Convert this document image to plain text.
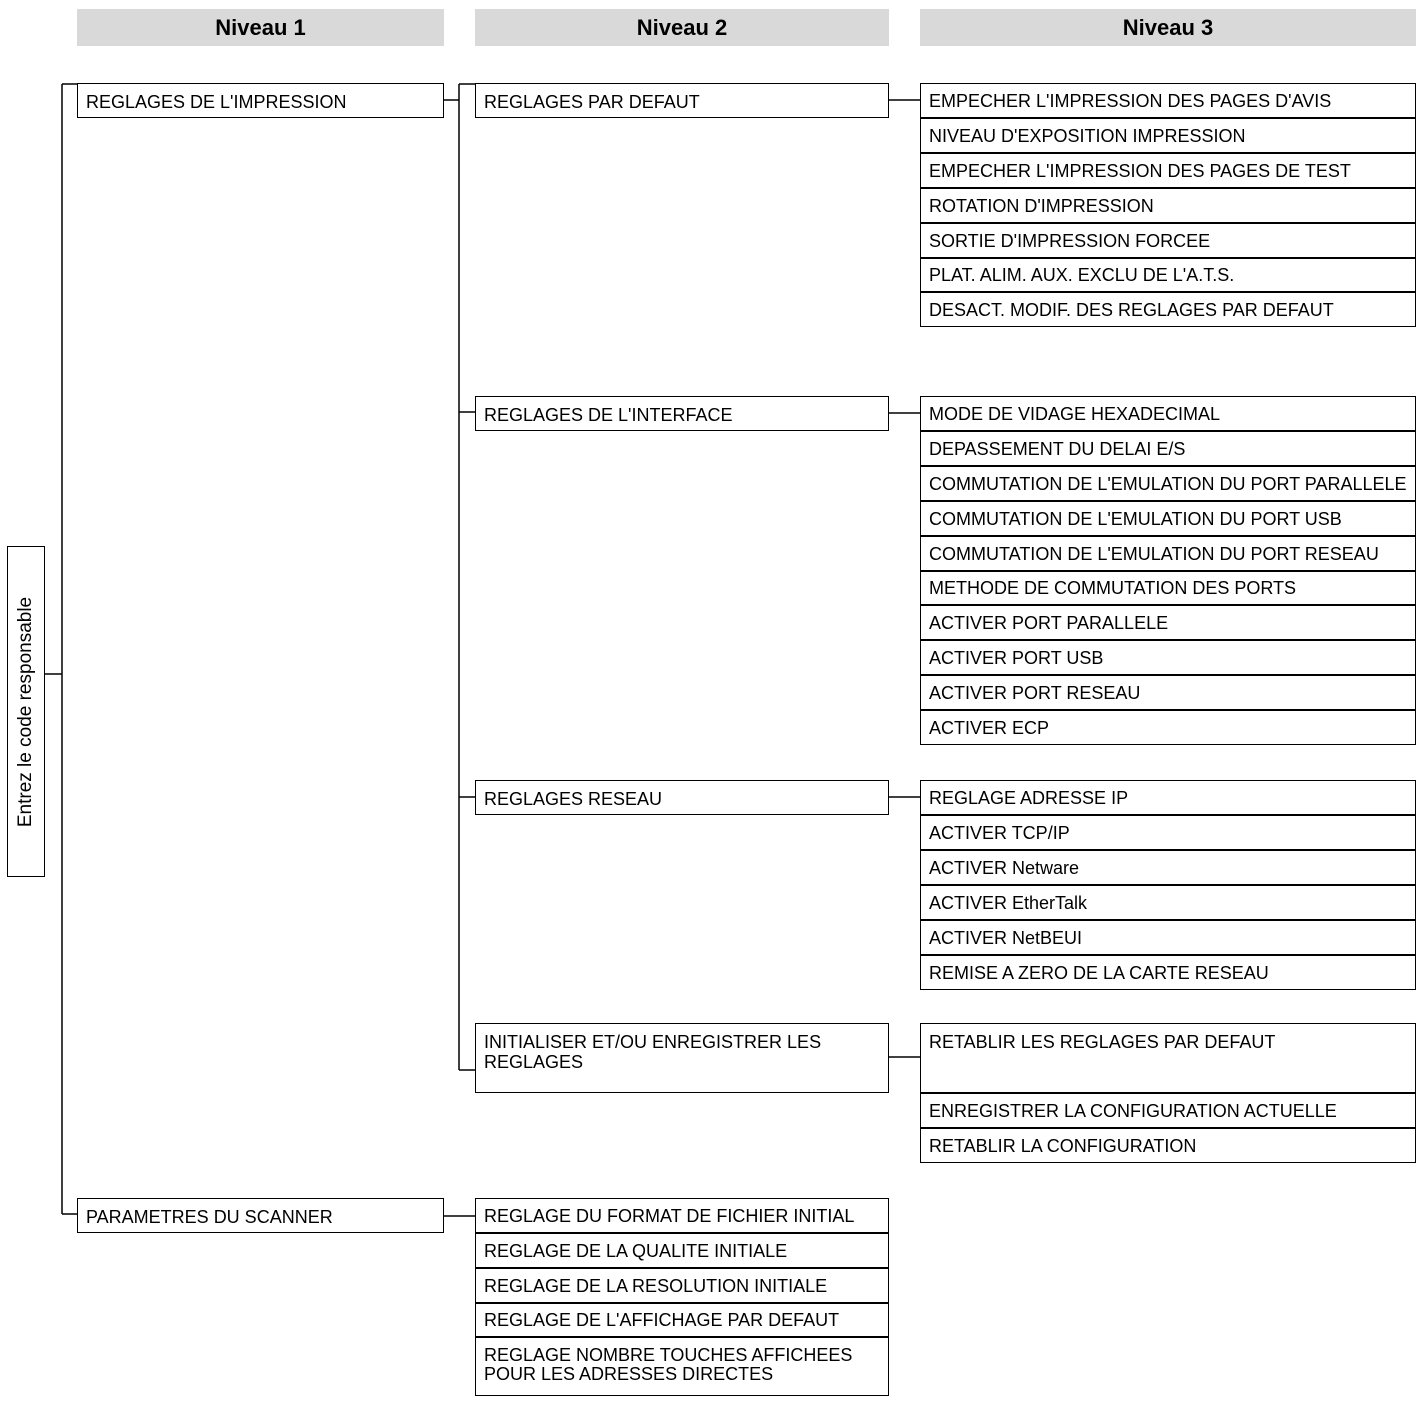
Niveau 1	Niveau 2	Niveau 3
Entrez le code responsable
REGLAGES DE L'IMPRESSION
PARAMETRES DU SCANNER
REGLAGES PAR DEFAUT
REGLAGES DE L'INTERFACE
REGLAGES RESEAU
INITIALISER ET/OU ENREGISTRER LES REGLAGES
EMPECHER L'IMPRESSION DES PAGES D'AVIS
NIVEAU D'EXPOSITION IMPRESSION
EMPECHER L'IMPRESSION DES PAGES DE TEST
ROTATION D'IMPRESSION
SORTIE D'IMPRESSION FORCEE
PLAT. ALIM. AUX. EXCLU DE L'A.T.S.
DESACT. MODIF. DES REGLAGES PAR DEFAUT
MODE DE VIDAGE HEXADECIMAL
DEPASSEMENT DU DELAI E/S
COMMUTATION DE L'EMULATION DU PORT PARALLELE
COMMUTATION DE L'EMULATION DU PORT USB
COMMUTATION DE L'EMULATION DU PORT RESEAU
METHODE DE COMMUTATION DES PORTS
ACTIVER PORT PARALLELE
ACTIVER PORT USB
ACTIVER PORT RESEAU
ACTIVER ECP
REGLAGE ADRESSE IP
ACTIVER TCP/IP
ACTIVER Netware
ACTIVER EtherTalk
ACTIVER NetBEUI
REMISE A ZERO DE LA CARTE RESEAU
RETABLIR LES REGLAGES PAR DEFAUT
ENREGISTRER LA CONFIGURATION ACTUELLE
RETABLIR LA CONFIGURATION
REGLAGE DU FORMAT DE FICHIER INITIAL
REGLAGE DE LA QUALITE INITIALE
REGLAGE DE LA RESOLUTION INITIALE
REGLAGE DE L'AFFICHAGE PAR DEFAUT
REGLAGE NOMBRE TOUCHES AFFICHEES POUR LES ADRESSES DIRECTES
